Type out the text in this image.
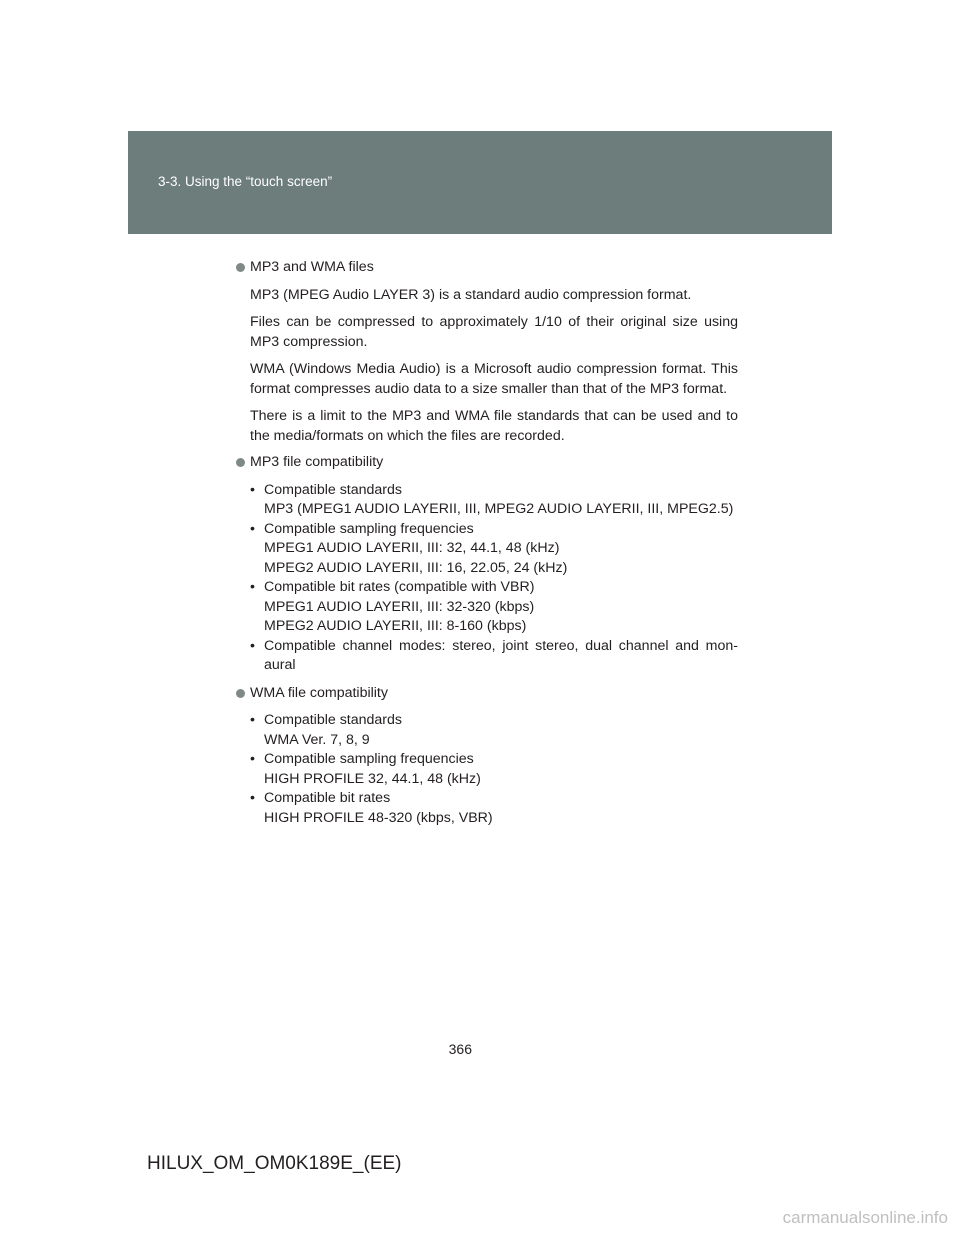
3-3. Using the “touch screen”
MP3 and WMA files

MP3 (MPEG Audio LAYER 3) is a standard audio compression format.

Files can be compressed to approximately 1/10 of their original size using MP3 compression.

WMA (Windows Media Audio) is a Microsoft audio compression format. This format compresses audio data to a size smaller than that of the MP3 format.

There is a limit to the MP3 and WMA file standards that can be used and to the media/formats on which the files are recorded.

MP3 file compatibility
• Compatible standards
MP3 (MPEG1 AUDIO LAYERII, III, MPEG2 AUDIO LAYERII, III, MPEG2.5)
• Compatible sampling frequencies
MPEG1 AUDIO LAYERII, III: 32, 44.1, 48 (kHz)
MPEG2 AUDIO LAYERII, III: 16, 22.05, 24 (kHz)
• Compatible bit rates (compatible with VBR)
MPEG1 AUDIO LAYERII, III: 32-320 (kbps)
MPEG2 AUDIO LAYERII, III: 8-160 (kbps)
• Compatible channel modes: stereo, joint stereo, dual channel and mon-aural
WMA file compatibility
• Compatible standards
WMA Ver. 7, 8, 9
• Compatible sampling frequencies
HIGH PROFILE 32, 44.1, 48 (kHz)
• Compatible bit rates
HIGH PROFILE 48-320 (kbps, VBR)
366
HILUX_OM_OM0K189E_(EE)
carmanualsonline.info
